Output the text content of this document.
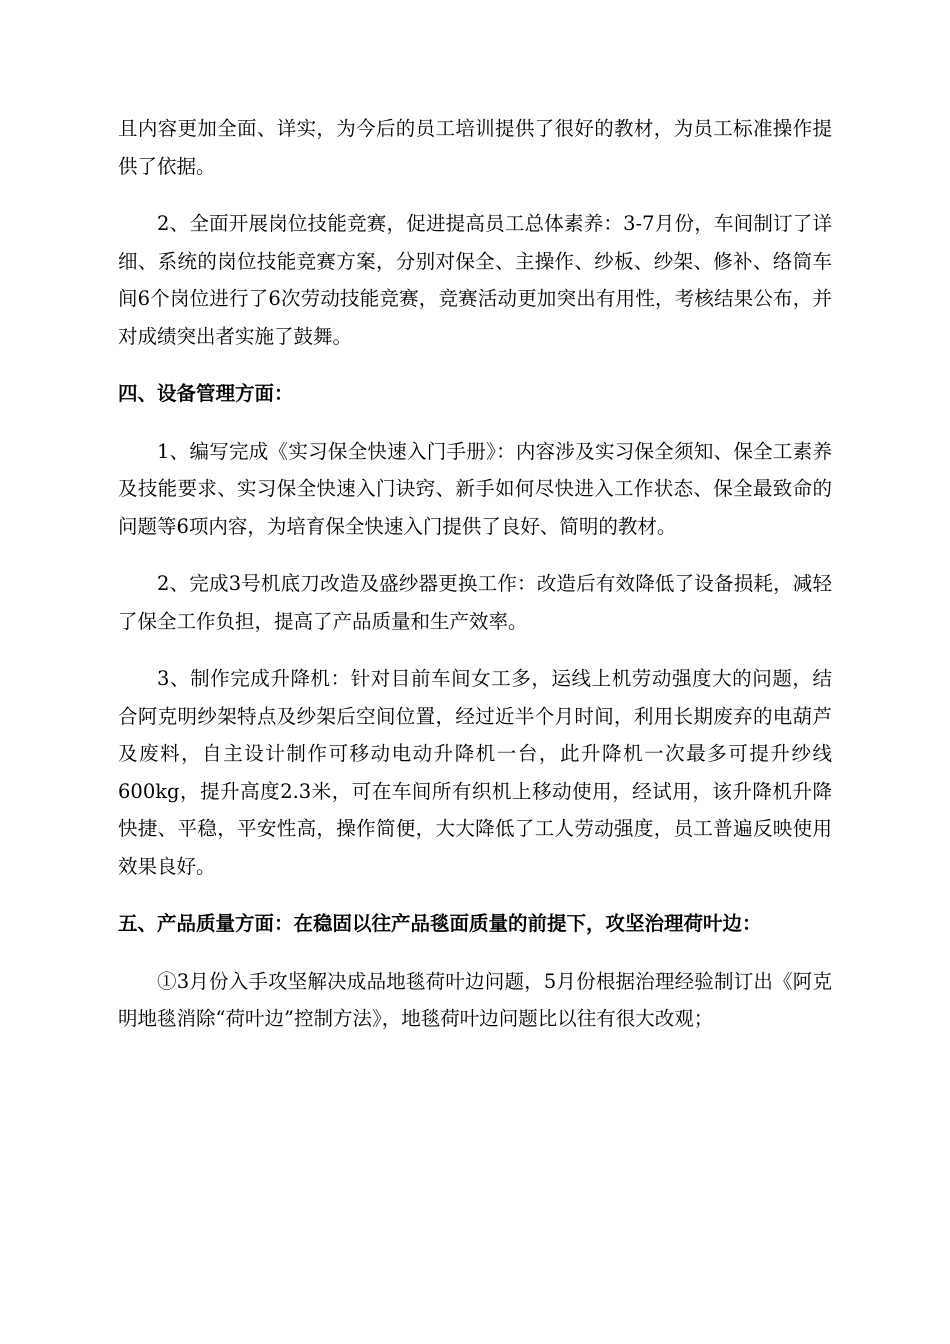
且内容更加全面、详实，为今后的员工培训提供了很好的教材，为员工标准操作提供了依据。

2、全面开展岗位技能竞赛，促进提高员工总体素养：3-7月份，车间制订了详细、系统的岗位技能竞赛方案，分别对保全、主操作、纱板、纱架、修补、络筒车间6个岗位进行了6次劳动技能竞赛，竞赛活动更加突出有用性，考核结果公布，并对成绩突出者实施了鼓舞。

四、设备管理方面：

1、编写完成《实习保全快速入门手册》：内容涉及实习保全须知、保全工素养及技能要求、实习保全快速入门诀窍、新手如何尽快进入工作状态、保全最致命的问题等6项内容，为培育保全快速入门提供了良好、简明的教材。

2、完成3号机底刀改造及盛纱器更换工作：改造后有效降低了设备损耗，减轻了保全工作负担，提高了产品质量和生产效率。

3、制作完成升降机：针对目前车间女工多，运线上机劳动强度大的问题，结合阿克明纱架特点及纱架后空间位置，经过近半个月时间，利用长期废弃的电葫芦及废料，自主设计制作可移动电动升降机一台，此升降机一次最多可提升纱线600kg，提升高度2.3米，可在车间所有织机上移动使用，经试用，该升降机升降快捷、平稳，平安性高，操作简便，大大降低了工人劳动强度，员工普遍反映使用效果良好。

五、产品质量方面：在稳固以往产品毯面质量的前提下，攻坚治理荷叶边：

①3月份入手攻坚解决成品地毯荷叶边问题，5月份根据治理经验制订出《阿克明地毯消除“荷叶边”控制方法》，地毯荷叶边问题比以往有很大改观；
